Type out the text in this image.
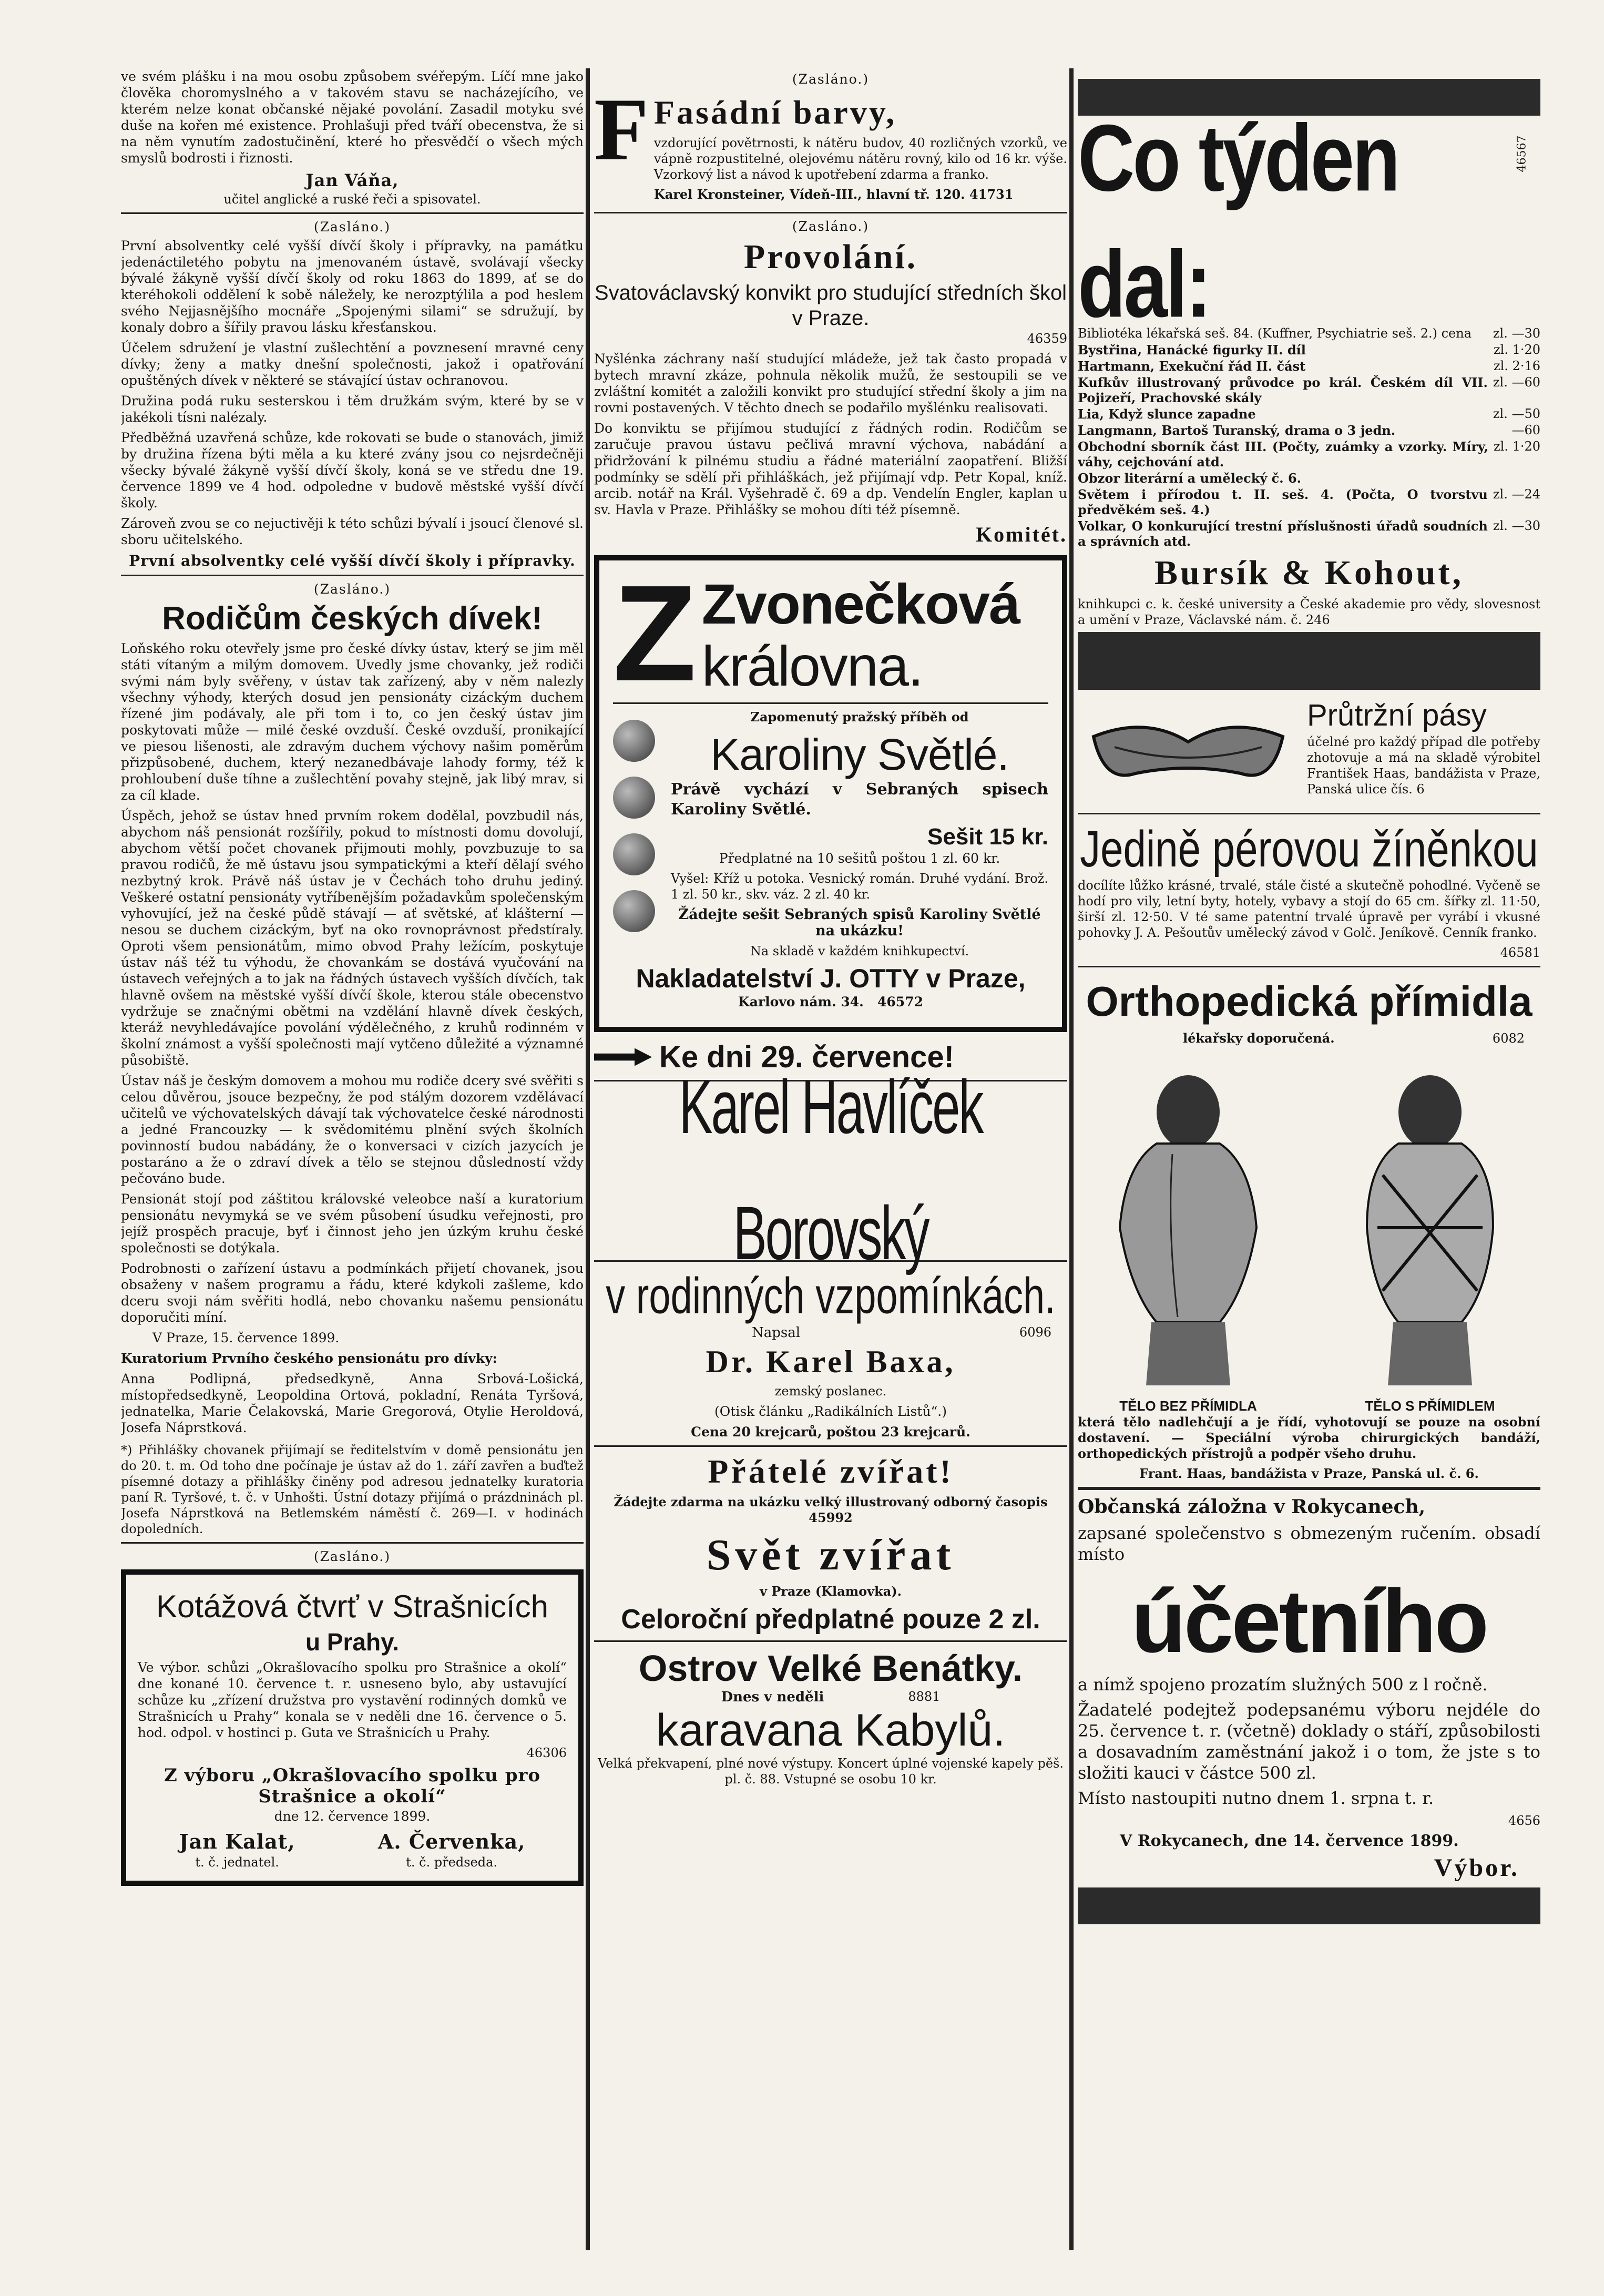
ve svém plášku i na mou osobu způsobem svéřepým. Líčí mne jako člověka choromyslného a v takovém stavu se nacházejícího, ve kterém nelze konat občanské nějaké povolání. Zasadil motyku své duše na kořen mé existence. Prohlašuji před tváří obecenstva, že si na něm vynutím zadostučinění, které ho přesvědčí o všech mých smyslů bodrosti i řiznosti.

Jan Váňa,

učitel anglické a ruské řeči a spisovatel.

(Zasláno.)

První absolventky celé vyšší dívčí školy i přípravky, na památku jedenáctiletého pobytu na jmenovaném ústavě, svolávají všecky bývalé žákyně vyšší dívčí školy od roku 1863 do 1899, ať se do kteréhokoli oddělení k sobě náležely, ke nerozptýlila a pod heslem svého Nejjasnějšího mocnáře „Spojenými silami“ se sdružují, by konaly dobro a šířily pravou lásku křesťanskou.

Účelem sdružení je vlastní zušlechtění a povznesení mravné ceny dívky; ženy a matky dnešní společnosti, jakož i opatřování opuštěných dívek v některé se stávající ústav ochranovou.

Družina podá ruku sesterskou i těm družkám svým, které by se v jakékoli tísni nalézaly.

Předběžná uzavřená schůze, kde rokovati se bude o stanovách, jimiž by družina řízena býti měla a ku které zvány jsou co nejsrdečněji všecky bývalé žákyně vyšší dívčí školy, koná se ve středu dne 19. července 1899 ve 4 hod. odpoledne v budově městské vyšší dívčí školy.

Zároveň zvou se co nejuctivěji k této schůzi bývalí i jsoucí členové sl. sboru učitelského.

První absolventky celé vyšší dívčí školy i přípravky.
(Zasláno.)
Rodičům českých dívek!

Loňského roku otevřely jsme pro české dívky ústav, který se jim měl státi vítaným a milým domovem. Uvedly jsme chovanky, jež rodiči svými nám byly svěřeny, v ústav tak zařízený, aby v něm nalezly všechny výhody, kterých dosud jen pensionáty cizáckým duchem řízené jim podávaly, ale při tom i to, co jen český ústav jim poskytovati může — milé české ovzduší. České ovzduší, pronikající ve piesou lišenosti, ale zdravým duchem výchovy našim poměrům přizpůsobené, duchem, který nezanedbávaje lahody formy, též k prohloubení duše tíhne a zušlechtění povahy stejně, jak libý mrav, si za cíl klade.

Úspěch, jehož se ústav hned prvním rokem dodělal, povzbudil nás, abychom náš pensionát rozšířily, pokud to místnosti domu dovolují, abychom větší počet chovanek přijmouti mohly, povzbuzuje to sa pravou rodičů, že mě ústavu jsou sympatickými a kteří dělají svého nezbytný krok. Právě náš ústav je v Čechách toho druhu jediný. Veškeré ostatní pensionáty vytříbenějším požadavkům společenským vyhovující, jež na české půdě stávají — ať světské, ať klášterní — nesou se duchem cizáckým, byť na oko rovnoprávnost předstíraly. Oproti všem pensionátům, mimo obvod Prahy ležícím, poskytuje ústav náš též tu výhodu, že chovankám se dostává vyučování na ústavech veřejných a to jak na řádných ústavech vyšších dívčích, tak hlavně ovšem na městské vyšší dívčí škole, kterou stále obecenstvo vydržuje se značnými obětmi na vzdělání hlavně dívek českých, kteráž nevyhledávajíce povolání výdělečného, z kruhů rodinném v školní známost a vyšší společnosti mají vytčeno důležité a významné působiště.

Ústav náš je českým domovem a mohou mu rodiče dcery své svěřiti s celou důvěrou, jsouce bezpečny, že pod stálým dozorem vzdělávací učitelů ve výchovatelských dávají tak výchovatelce české národnosti a jedné Francouzky — k svědomitému plnění svých školních povinností budou nabádány, že o konversaci v cizích jazycích je postaráno a že o zdraví dívek a tělo se stejnou důsledností vždy pečováno bude.

Pensionát stojí pod záštitou královské veleobce naší a kuratorium pensionátu nevymyká se ve svém působení úsudku veřejnosti, pro jejíž prospěch pracuje, byť i činnost jeho jen úzkým kruhu české společnosti se dotýkala.

Podrobnosti o zařízení ústavu a podmínkách přijetí chovanek, jsou obsaženy v našem programu a řádu, které kdykoli zašleme, kdo dceru svoji nám svěřiti hodlá, nebo chovanku našemu pensionátu doporučiti míní.

V Praze, 15. července 1899.

Kuratorium Prvního českého pensionátu pro dívky:

Anna Podlipná, předsedkyně, Anna Srbová-Lošická, místopředsedkyně, Leopoldina Ortová, pokladní, Renáta Tyršová, jednatelka, Marie Čelakovská, Marie Gregorová, Otylie Heroldová, Josefa Náprstková.

*) Přihlášky chovanek přijímají se ředitelstvím v domě pensionátu jen do 20. t. m. Od toho dne počínaje je ústav až do 1. září zavřen a buďtež písemné dotazy a přihlášky činěny pod adresou jednatelky kuratoria paní R. Tyršové, t. č. v Unhošti. Ústní dotazy přijímá o prázdninách pl. Josefa Náprstková na Betlemském náměstí č. 269—I. v hodinách dopoledních.

(Zasláno.)
Kotážová čtvrť v Strašnicích
u Prahy.

Ve výbor. schůzi „Okrašlovacího spolku pro Strašnice a okolí“ dne konané 10. července t. r. usneseno bylo, aby ustavující schůze ku „zřízení družstva pro vystavění rodinných domků ve Strašnicích u Prahy“ konala se v neděli dne 16. července o 5. hod. odpol. v hostinci p. Guta ve Strašnicích u Prahy.

46306

Z výboru „Okrašlovacího spolku pro Strašnice a okolí“

dne 12. července 1899.

Jan Kalat,
t. č. jednatel.
A. Červenka,
t. č. předseda.
(Zasláno.)
F Fasádní barvy,

vzdorující povětrnosti, k nátěru budov, 40 rozličných vzorků, ve vápně rozpustitelné, olejovému nátěru rovný, kilo od 16 kr. výše. Vzorkový list a návod k upotřebení zdarma a franko.

Karel Kronsteiner, Vídeň-III., hlavní tř. 120. 41731

(Zasláno.)
Provolání.
Svatováclavský konvikt pro studující středních škol v Praze.

46359

Nyšlénka záchrany naší studující mládeže, jež tak často propadá v bytech mravní zkáze, pohnula několik mužů, že sestoupili se ve zvláštní komitét a založili konvikt pro studující střední školy a jim na rovni postavených. V těchto dnech se podařilo myšlénku realisovati.

Do konviktu se přijímou studující z řádných rodin. Rodičům se zaručuje pravou ústavu pečlivá mravní výchova, nabádání a přidržování k pilnému studiu a řádné materiální zaopatření. Bližší podmínky se sdělí při přihláškách, jež přijímají vdp. Petr Kopal, kníž. arcib. notář na Král. Vyšehradě č. 69 a dp. Vendelín Engler, kaplan u sv. Havla v Praze. Přihlášky se mohou díti též písemně.

Komitét.
Z Zvonečková
královna.

Zapomenutý pražský příběh od

Karoliny Světlé.

Právě vychází v Sebraných spisech Karoliny Světlé.

Sešit 15 kr.

Předplatné na 10 sešitů poštou 1 zl. 60 kr.

Vyšel: Kříž u potoka. Vesnický román. Druhé vydání. Brož. 1 zl. 50 kr., skv. váz. 2 zl. 40 kr.

Žádejte sešit Sebraných spisů Karoliny Světlé na ukázku!

Na skladě v každém knihkupectví.

Nakladatelství J. OTTY v Praze,

Karlovo nám. 34. 46572

Ke dni 29. července!
Karel Havlíček Borovský
v rodinných vzpomínkách.
Napsal	6096
Dr. Karel Baxa,

zemský poslanec.

(Otisk článku „Radikálních Listů“.)

Cena 20 krejcarů, poštou 23 krejcarů.

Přátelé zvířat!

Žádejte zdarma na ukázku velký illustrovaný odborný časopis 45992

Svět zvířat

v Praze (Klamovka).

Celoroční předplatné pouze 2 zl.
Ostrov Velké Benátky.
Dnes v neděli	8881
karavana Kabylů.

Velká překvapení, plné nové výstupy. Koncert úplné vojenské kapely pěš. pl. č. 88. Vstupné se osobu 10 kr.

Co týden dal:
46567

Bibliotéka lékařská seš. 84. (Kuffner, Psychiatrie seš. 2.) cena zl. —30

Bystřina, Hanácké figurky II. díl	zl. 1·20

Hartmann, Exekuční řád II. část	zl. 2·16

Kufkův illustrovaný průvodce po král. Českém díl VII. Pojizeří, Prachovské skály

zl. —60

Lia, Když slunce zapadne	zl. —50

Langmann, Bartoš Turanský, drama o 3 jedn.	—60

Obchodní sborník část III. (Počty, zuámky a vzorky. Míry, váhy, cejchování atd.

zl. 1·20

Obzor literární a umělecký č. 6.

Světem i přírodou t. II. seš. 4. (Počta, O tvorstvu předvěkém seš. 4.)

zl. —24

Volkar, O konkurující trestní příslušnosti úřadů soudních a správních atd.

zl. —30

Bursík & Kohout,

knihkupci c. k. české university a České akademie pro vědy, slovesnost a umění v Praze, Václavské nám. č. 246

Průtržní pásy

účelné pro každý případ dle potřeby zhotovuje a má na skladě výrobitel František Haas, bandážista v Praze, Panská ulice čís. 6

Jedině pérovou žíněnkou

docílíte lůžko krásné, trvalé, stále čisté a skutečně pohodlné. Vyčeně se hodí pro vily, letní byty, hotely, vybavy a stojí do 65 cm. šířky zl. 11·50, širší zl. 12·50. V té same patentní trvalé úpravě per vyrábí i vkusné pohovky J. A. Pešoutův umělecký závod v Golč. Jeníkově. Cenník franko.

46581

Orthopedická přímidla
lékařsky doporučená.	6082
TĚLO BEZ PŘÍMIDLA	TĚLO S PŘÍMIDLEM

která tělo nadlehčují a je řídí, vyhotovují se pouze na osobní dostavení. — Speciální výroba chirurgických bandáží, orthopedických přístrojů a podpěr všeho druhu.

Frant. Haas, bandážista v Praze, Panská ul. č. 6.

Občanská záložna v Rokycanech,

zapsané společenstvo s obmezeným ručením. obsadí místo

účetního

a nímž spojeno prozatím služných 500 z l ročně.

Žadatelé podejtež podepsanému výboru nejdéle do 25. července t. r. (včetně) doklady o stáří, způsobilosti a dosavadním zaměstnání jakož i o tom, že jste s to složiti kauci v částce 500 zl.

Místo nastoupiti nutno dnem 1. srpna t. r.

4656

V Rokycanech, dne 14. července 1899.

Výbor.
